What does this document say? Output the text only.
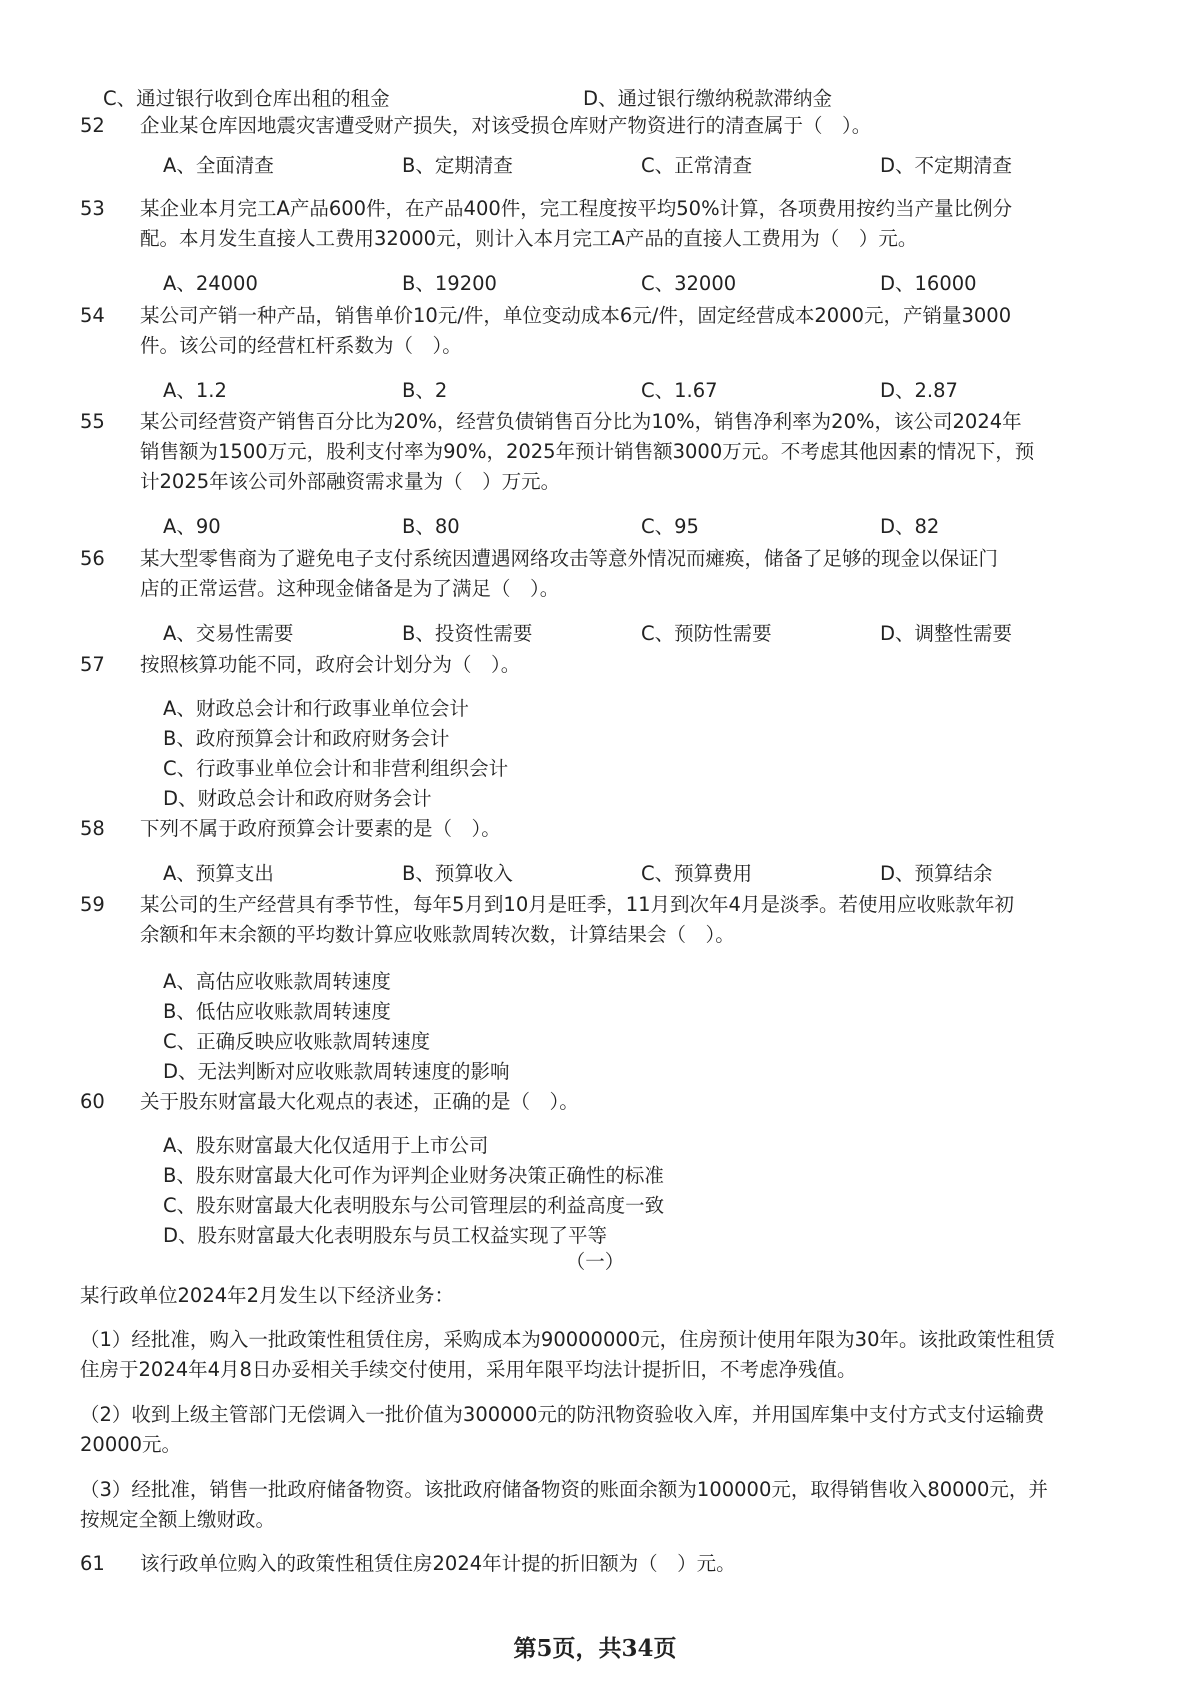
C、通过银行收到仓库出租的租金	D、通过银行缴纳税款滞纳金
52	企业某仓库因地震灾害遭受财产损失，对该受损仓库财产物资进行的清查属于（　）。
A、全面清查	B、定期清查	C、正常清查	D、不定期清查
53	某企业本月完工A产品600件，在产品400件，完工程度按平均50%计算，各项费用按约当产量比例分
配。本月发生直接人工费用32000元，则计入本月完工A产品的直接人工费用为（　）元。
A、24000	B、19200	C、32000	D、16000
54	某公司产销一种产品，销售单价10元/件，单位变动成本6元/件，固定经营成本2000元，产销量3000
件。该公司的经营杠杆系数为（　）。
A、1.2	B、2	C、1.67	D、2.87
55	某公司经营资产销售百分比为20%，经营负债销售百分比为10%，销售净利率为20%，该公司2024年
销售额为1500万元，股利支付率为90%，2025年预计销售额3000万元。不考虑其他因素的情况下，预
计2025年该公司外部融资需求量为（　）万元。
A、90	B、80	C、95	D、82
56	某大型零售商为了避免电子支付系统因遭遇网络攻击等意外情况而瘫痪，储备了足够的现金以保证门
店的正常运营。这种现金储备是为了满足（　）。
A、交易性需要	B、投资性需要	C、预防性需要	D、调整性需要
57	按照核算功能不同，政府会计划分为（　）。
A、财政总会计和行政事业单位会计
B、政府预算会计和政府财务会计
C、行政事业单位会计和非营利组织会计
D、财政总会计和政府财务会计
58	下列不属于政府预算会计要素的是（　）。
A、预算支出	B、预算收入	C、预算费用	D、预算结余
59	某公司的生产经营具有季节性，每年5月到10月是旺季，11月到次年4月是淡季。若使用应收账款年初
余额和年末余额的平均数计算应收账款周转次数，计算结果会（　）。
A、高估应收账款周转速度
B、低估应收账款周转速度
C、正确反映应收账款周转速度
D、无法判断对应收账款周转速度的影响
60	关于股东财富最大化观点的表述，正确的是（　）。
A、股东财富最大化仅适用于上市公司
B、股东财富最大化可作为评判企业财务决策正确性的标准
C、股东财富最大化表明股东与公司管理层的利益高度一致
D、股东财富最大化表明股东与员工权益实现了平等
（一）
某行政单位2024年2月发生以下经济业务：
（1）经批准，购入一批政策性租赁住房，采购成本为90000000元，住房预计使用年限为30年。该批政策性租赁
住房于2024年4月8日办妥相关手续交付使用，采用年限平均法计提折旧，不考虑净残值。
（2）收到上级主管部门无偿调入一批价值为300000元的防汛物资验收入库，并用国库集中支付方式支付运输费
20000元。
（3）经批准，销售一批政府储备物资。该批政府储备物资的账面余额为100000元，取得销售收入80000元，并
按规定全额上缴财政。
61	该行政单位购入的政策性租赁住房2024年计提的折旧额为（　）元。
第5页，共34页
